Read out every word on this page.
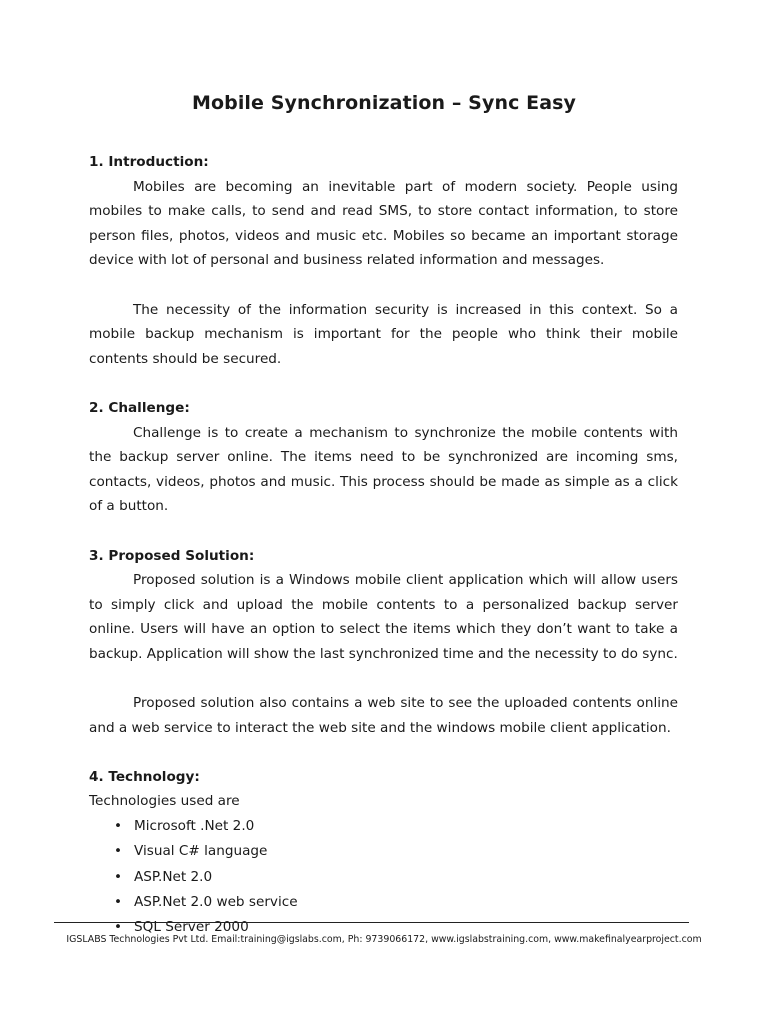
Mobile Synchronization – Sync Easy
1. Introduction:

Mobiles are becoming an inevitable part of modern society. People using mobiles to make calls, to send and read SMS, to store contact information, to store person files, photos, videos and music etc. Mobiles so became an important storage device with lot of personal and business related information and messages.

The necessity of the information security is increased in this context. So a mobile backup mechanism is important for the people who think their mobile contents should be secured.

2. Challenge:

Challenge is to create a mechanism to synchronize the mobile contents with the backup server online. The items need to be synchronized are incoming sms, contacts, videos, photos and music. This process should be made as simple as a click of a button.

3. Proposed Solution:

Proposed solution is a Windows mobile client application which will allow users to simply click and upload the mobile contents to a personalized backup server online. Users will have an option to select the items which they don’t want to take a backup. Application will show the last synchronized time and the necessity to do sync.

Proposed solution also contains a web site to see the uploaded contents online and a web service to interact the web site and the windows mobile client application.

4. Technology:

Technologies used are

• Microsoft .Net 2.0
• Visual C# language
• ASP.Net 2.0
• ASP.Net 2.0 web service
• SQL Server 2000
IGSLABS Technologies Pvt Ltd. Email:training@igslabs.com, Ph: 9739066172, www.igslabstraining.com, www.makefinalyearproject.com
